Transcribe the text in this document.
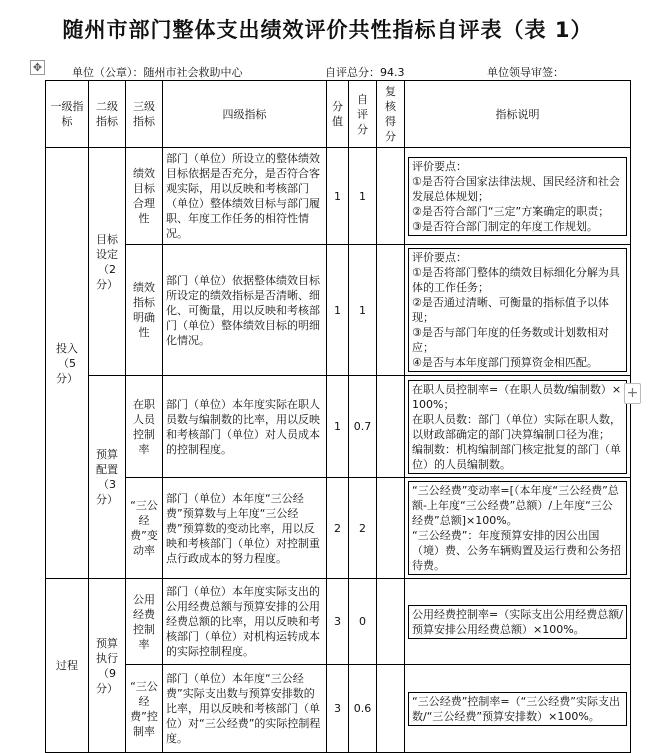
随州市部门整体支出绩效评价共性指标自评表（表 1）
✥	单位（公章）：随州市社会救助中心	自评总分：94.3	单位领导审签：
一级指标	二级指标	三级指标	四级指标	分值	自评分	复核得分	指标说明
投入（5分）	目标设定（2分）	绩效目标合理性	部门（单位）所设立的整体绩效目标依据是否充分，是否符合客观实际，用以反映和考核部门（单位）整体绩效目标与部门履职、年度工作任务的相符性情况。	1	1		评价要点：
①是否符合国家法律法规、国民经济和社会发展总体规划；
②是否符合部门“三定”方案确定的职责；
③是否符合部门制定的年度工作规划。

		绩效指标明确性	部门（单位）依据整体绩效目标所设定的绩效指标是否清晰、细化、可衡量，用以反映和考核部门（单位）整体绩效目标的明细化情况。	1	1		评价要点：
①是否将部门整体的绩效目标细化分解为具体的工作任务；
②是否通过清晰、可衡量的指标值予以体现；
③是否与部门年度的任务数或计划数相对应；
④是否与本年度部门预算资金相匹配。

	预算配置（3分）	在职人员控制率	部门（单位）本年度实际在职人员数与编制数的比率，用以反映和考核部门（单位）对人员成本的控制程度。	1	0.7		在职人员控制率=（在职人员数/编制数）×100%；
在职人员数：部门（单位）实际在职人数，以财政部确定的部门决算编制口径为准；
编制数：机构编制部门核定批复的部门（单位）的人员编制数。

		“三公经费”变动率	部门（单位）本年度“三公经费”预算数与上年度“三公经费”预算数的变动比率，用以反映和考核部门（单位）对控制重点行政成本的努力程度。	2	2		“三公经费”变动率=[（本年度“三公经费”总额-上年度“三公经费”总额）/上年度“三公经费”总额]×100%。
“三公经费”：年度预算安排的因公出国（境）费、公务车辆购置及运行费和公务招待费。

过程	预算执行（9分）	公用经费控制率	部门（单位）本年度实际支出的公用经费总额与预算安排的公用经费总额的比率，用以反映和考核部门（单位）对机构运转成本的实际控制程度。	3	0		公用经费控制率=（实际支出公用经费总额/预算安排公用经费总额）×100%。

		“三公经费”控制率	部门（单位）本年度“三公经费”实际支出数与预算安排数的比率，用以反映和考核部门（单位）对“三公经费”的实际控制程度。	3	0.6		“三公经费”控制率=（“三公经费”实际支出数/“三公经费”预算安排数）×100%。
+
